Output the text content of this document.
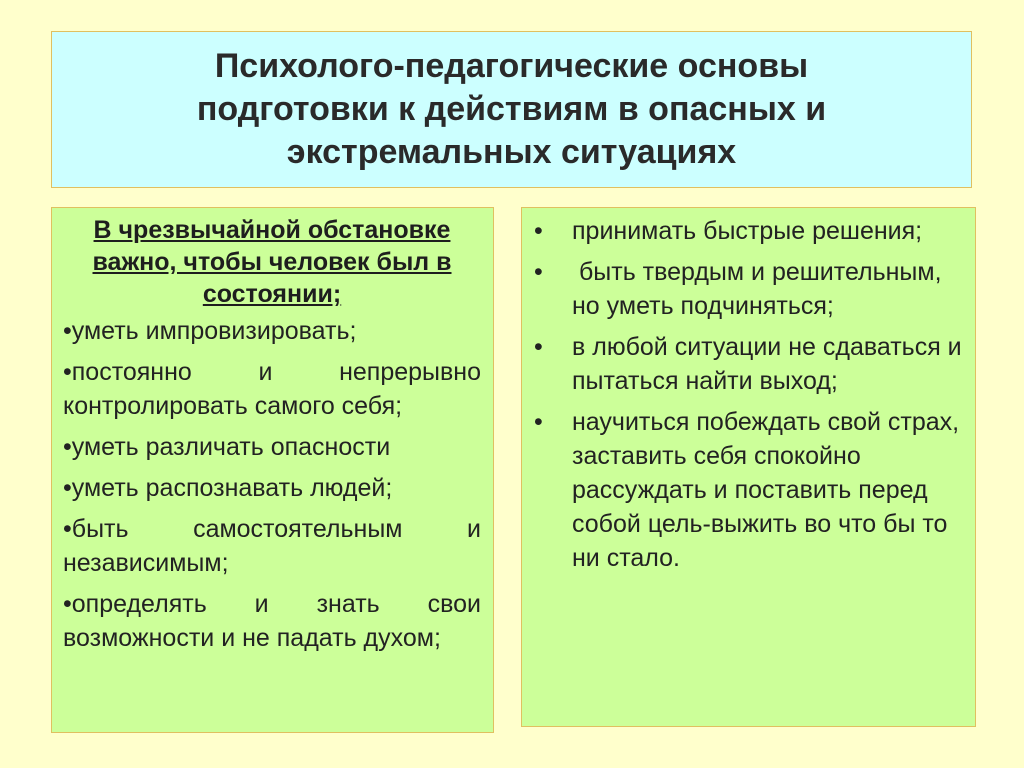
Психолого-педагогические основы подготовки к действиям в опасных и экстремальных ситуациях
В чрезвычайной обстановке важно, чтобы человек был в состоянии;
•уметь импровизировать;
•постоянно и непрерывно контролировать самого себя;
•уметь различать опасности
•уметь распознавать людей;
•быть самостоятельным и независимым;
•определять и знать свои возможности и не падать духом;
•	принимать быстрые решения;
•	быть твердым и решительным, но уметь подчиняться;
•	в любой ситуации не сдаваться и пытаться найти выход;
•	научиться побеждать свой страх, заставить себя спокойно рассуждать и поставить перед собой цель-выжить во что бы то ни стало.
